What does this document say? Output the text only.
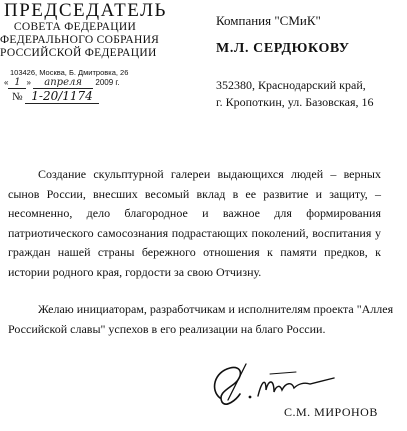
ПРЕДСЕДАТЕЛЬ
СОВЕТА ФЕДЕРАЦИИ
ФЕДЕРАЛЬНОГО СОБРАНИЯ
РОССИЙСКОЙ ФЕДЕРАЦИИ
103426, Москва, Б. Дмитровка, 26
« 1 » апреля 2009 г.
№ 1-20/1174
Компания "СМиК"
М.Л. СЕРДЮКОВУ
352380, Краснодарский край,
г. Кропоткин, ул. Базовская, 16

Создание скульптурной галереи выдающихся людей – верных сынов России, внесших весомый вклад в ее развитие и защиту, – несомненно, дело благородное и важное для формирования патриотического самосознания подрастающих поколений, воспитания у граждан нашей страны бережного отношения к памяти предков, к истории родного края, гордости за свою Отчизну.

Желаю инициаторам, разработчикам и исполнителям проекта "Аллея Российской славы" успехов в его реализации на благо России.
С.М. МИРОНОВ
